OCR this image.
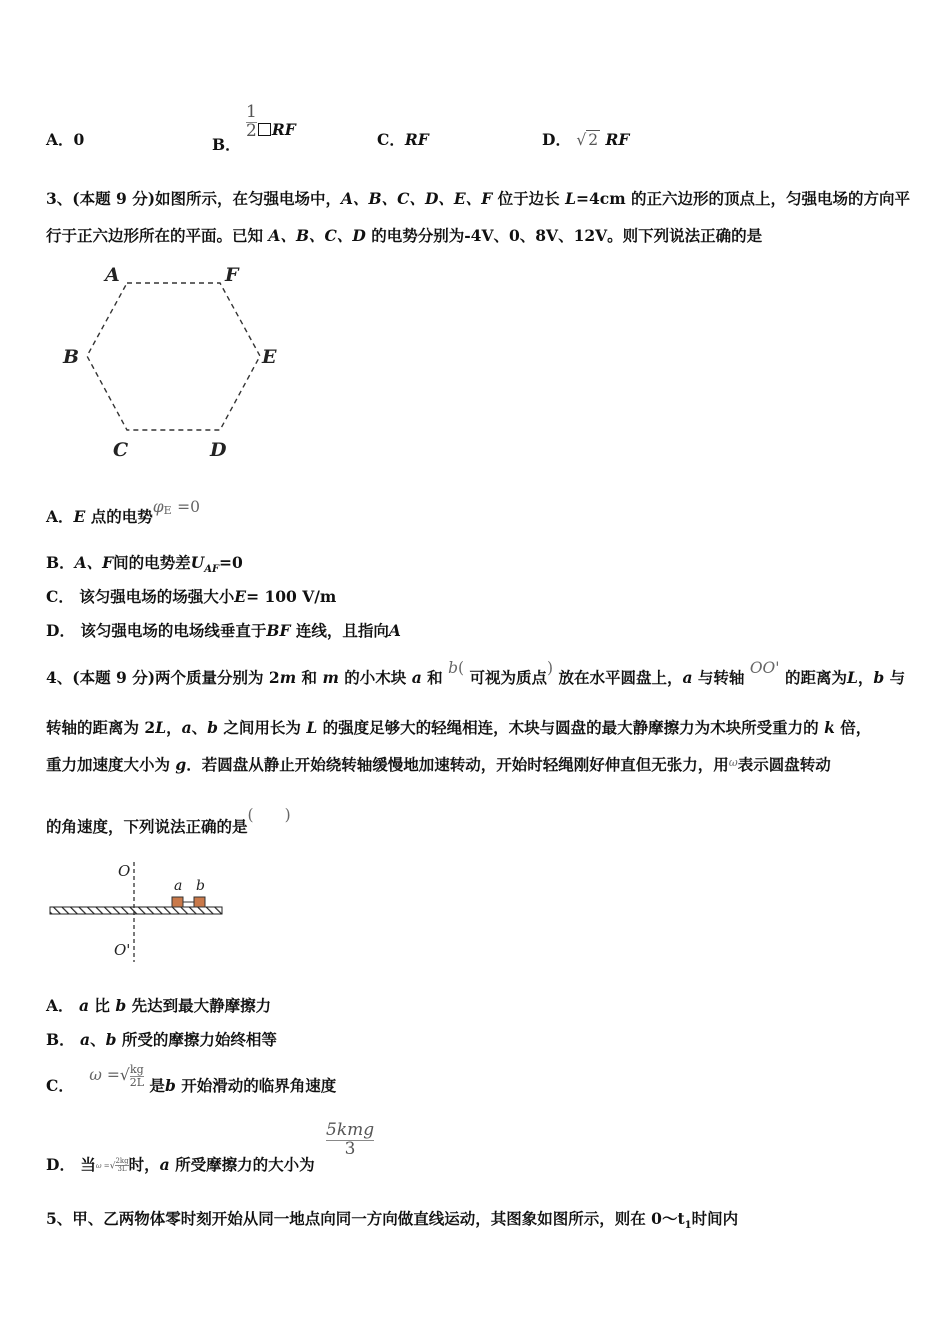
A．0	B． $\frac{1}{2}$ RF
C．RF	D． √ 2 RF
3、(本题 9 分)如图所示，在匀强电场中，A、B、C、D、E、F 位于边长 L=4cm 的正六边形的顶点上，匀强电场的方向平
行于正六边形所在的平面。已知 A、B、C、D 的电势分别为-4V、0、8V、12V。则下列说法正确的是
A	F
B	E
C	D
A．E 点的电势$\varphi_E =0$
B．A、F间的电势差$U_{AF}=0$
C． 该匀强电场的场强大小E= 100 V/m
D． 该匀强电场的电场线垂直于BF 连线，且指向A
4、(本题 9 分)两个质量分别为 2m 和 m 的小木块 a 和 b( 可视为质点) 放在水平圆盘上，a 与转轴 OO' 的距离为L，b 与
转轴的距离为 2L，a、b 之间用长为 L 的强度足够大的轻绳相连，木块与圆盘的最大静摩擦力为木块所受重力的 k 倍，
重力加速度大小为 g．若圆盘从静止开始绕转轴缓慢地加速转动，开始时轻绳刚好伸直但无张力，用$^\omega$表示圆盘转动
的角速度，下列说法正确的是(　　)
O
O'
a b
A． a 比 b 先达到最大静摩擦力
B． a、b 所受的摩擦力始终相等
C． $\omega =√\frac{kg}{2L}$ 是b 开始滑动的临界角速度
D． 当$_{\omega =}√\frac{2kg}{3L}$时，a 所受摩擦力的大小为 $\frac{\text{5kmg}}{3}$
5、甲、乙两物体零时刻开始从同一地点向同一方向做直线运动，其图象如图所示，则在 $0\sim t_1$时间内
